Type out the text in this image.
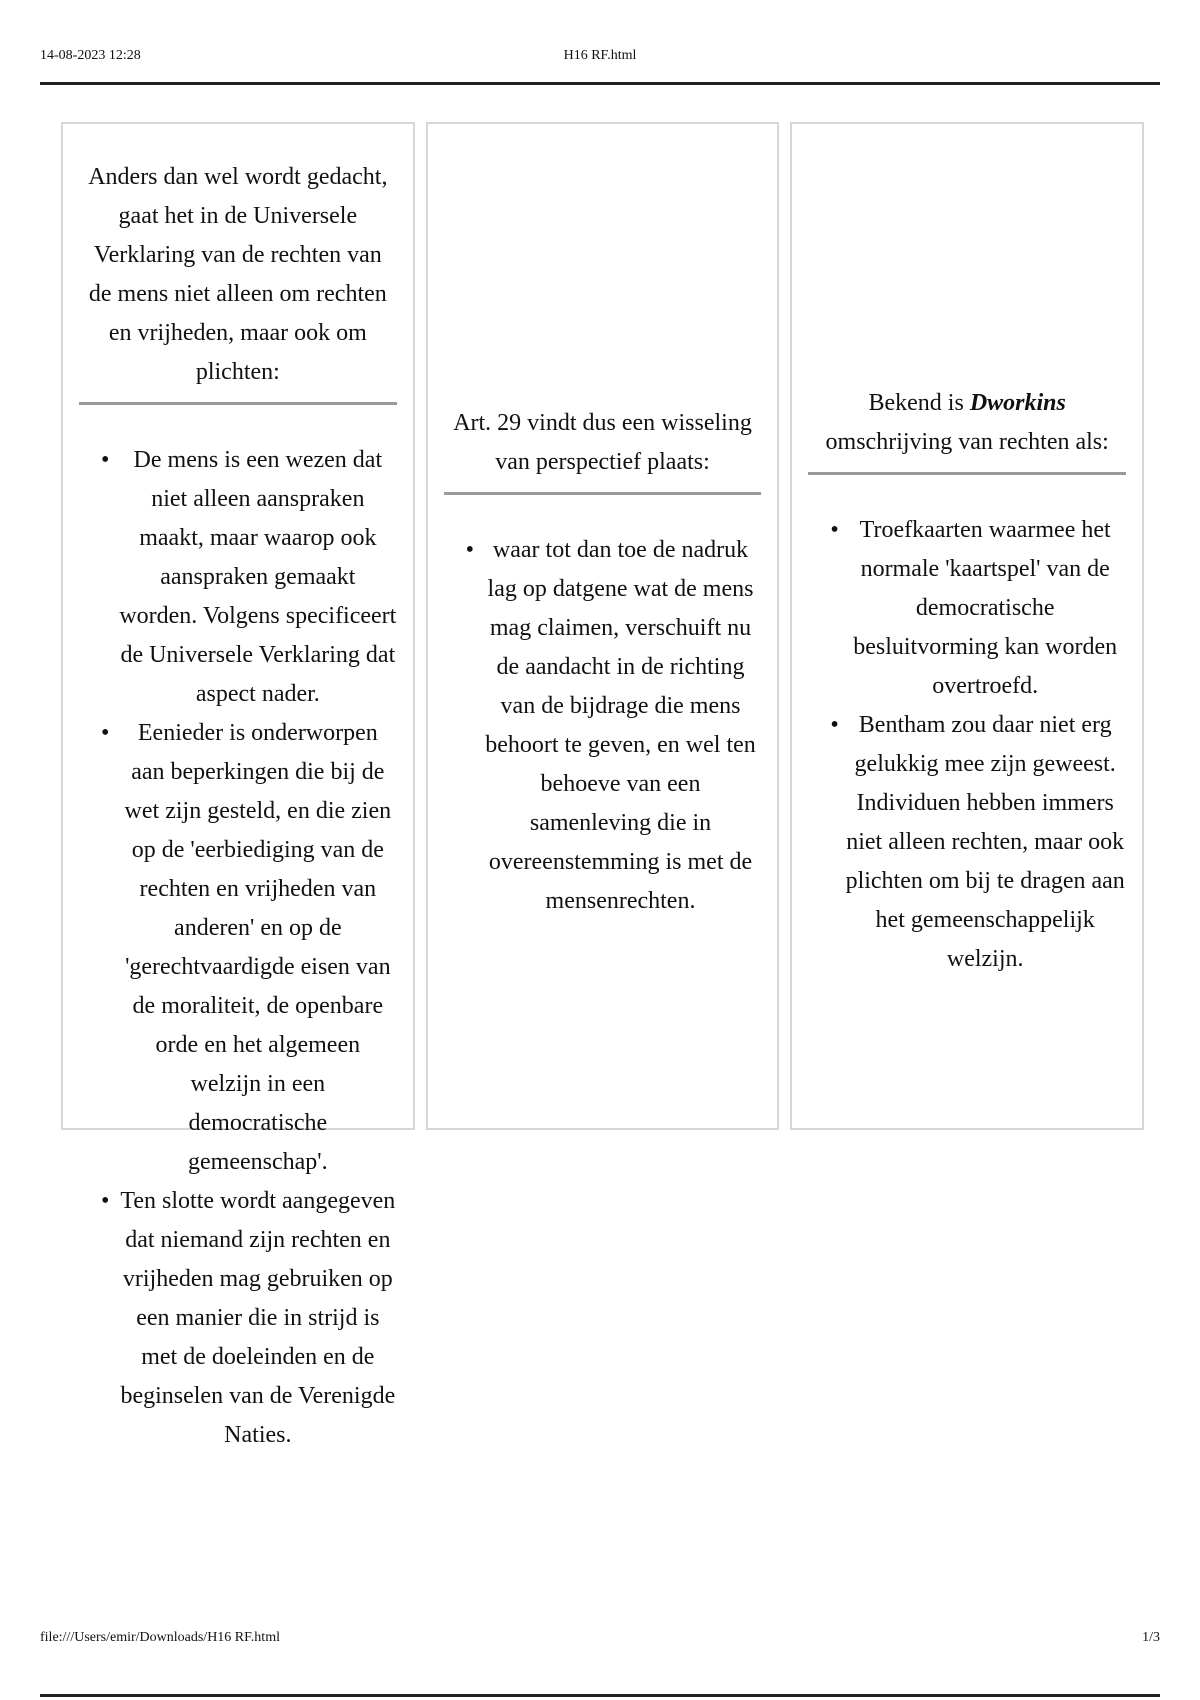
14-08-2023 12:28	H16 RF.html
Anders dan wel wordt gedacht, gaat het in de Universele Verklaring van de rechten van de mens niet alleen om rechten en vrijheden, maar ook om plichten:
• De mens is een wezen dat niet alleen aanspraken maakt, maar waarop ook aanspraken gemaakt worden. Volgens specificeert de Universele Verklaring dat aspect nader.
• Eenieder is onderworpen aan beperkingen die bij de wet zijn gesteld, en die zien op de 'eerbiediging van de rechten en vrijheden van anderen' en op de 'gerechtvaardigde eisen van de moraliteit, de openbare orde en het algemeen welzijn in een democratische gemeenschap'.
• Ten slotte wordt aangegeven dat niemand zijn rechten en vrijheden mag gebruiken op een manier die in strijd is met de doeleinden en de beginselen van de Verenigde Naties.
Art. 29 vindt dus een wisseling van perspectief plaats:
• waar tot dan toe de nadruk lag op datgene wat de mens mag claimen, verschuift nu de aandacht in de richting van de bijdrage die mens behoort te geven, en wel ten behoeve van een samenleving die in overeenstemming is met de mensenrechten.
Bekend is Dworkins omschrijving van rechten als:
• Troefkaarten waarmee het normale 'kaartspel' van de democratische besluitvorming kan worden overtroefd.
• Bentham zou daar niet erg gelukkig mee zijn geweest. Individuen hebben immers niet alleen rechten, maar ook plichten om bij te dragen aan het gemeenschappelijk welzijn.
file:///Users/emir/Downloads/H16 RF.html	1/3
